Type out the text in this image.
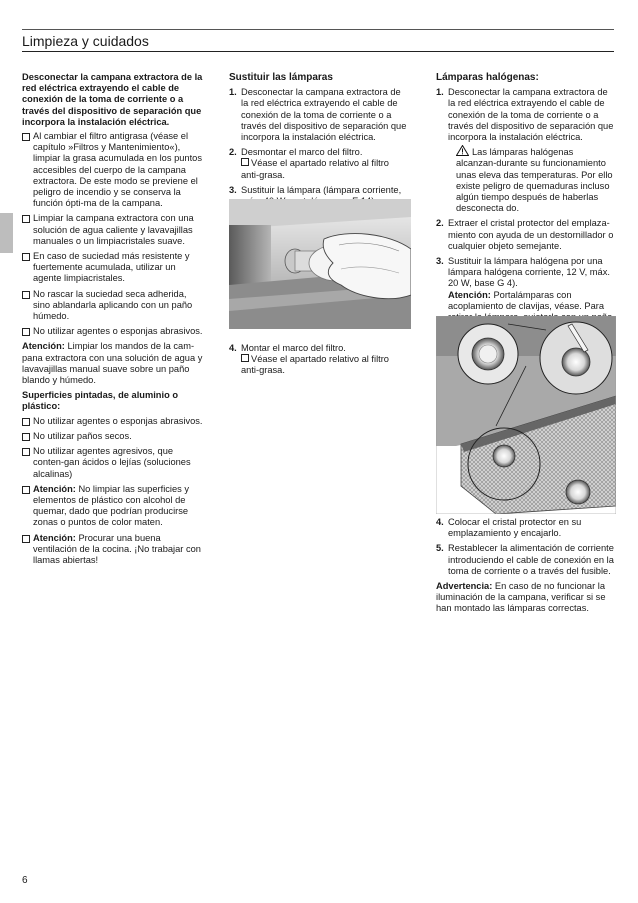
Limpieza y cuidados

Desconectar la campana extractora de la red eléctrica extrayendo el cable de conexión de la toma de corriente o a través del dispositivo de separación que incorpora la instalación eléctrica.

Al cambiar el filtro antigrasa (véase el capítulo »Filtros y Mantenimiento«), limpiar la grasa acumulada en los puntos accesibles del cuerpo de la campana extractora. De este modo se previene el peligro de incendio y se conserva la función ópti-ma de la campana.
Limpiar la campana extractora con una solución de agua caliente y lavavajillas manuales o un limpiacristales suave.
En caso de suciedad más resistente y fuertemente acumulada, utilizar un agente limpiacristales.
No rascar la suciedad seca adherida, sino ablandarla aplicando con un paño húmedo.
No utilizar agentes o esponjas abrasivos.

Atención: Limpiar los mandos de la cam-pana extractora con una solución de agua y lavavajillas manual suave sobre un paño blando y húmedo.

Superficies pintadas, de aluminio o plástico:

No utilizar agentes o esponjas abrasivos.
No utilizar paños secos.
No utilizar agentes agresivos, que conten-gan ácidos o lejías (soluciones alcalinas)
Atención: No limpiar las superficies y elementos de plástico con alcohol de quemar, dado que podrían producirse zonas o puntos de color maten.
Atención: Procurar una buena ventilación de la cocina. ¡No trabajar con llamas abiertas!

Sustituir las lámparas

1. Desconectar la campana extractora de la red eléctrica extrayendo el cable de conexión de la toma de corriente o a través del dispositivo de separación que incorpora la instalación eléctrica.
2. Desmontar el marco del filtro.
Véase el apartado relativo al filtro anti-grasa.
3. Sustituir la lámpara (lámpara corriente,
4. Montar el marco del filtro.
Véase el apartado relativo al filtro anti-grasa.

Lámparas halógenas:

1. Desconectar la campana extractora de la red eléctrica extrayendo el cable de conexión de la toma de corriente o a través del dispositivo de separación que incorpora la instalación eléctrica.
Las lámparas halógenas alcanzan-durante su funcionamiento unas eleva das temperaturas. Por ello existe peligro de quemaduras incluso algún tiempo después de haberlas desconecta do.
2. Extraer el cristal protector del emplaza-miento con ayuda de un destornillador o cualquier objeto semejante.
3. Sustituir la lámpara halógena por una lámpara halógena corriente, 12 V, máx. 20 W, base G 4).
Atención: Portalámparas con acoplamiento de clavijas, véase. Para
4. Colocar el cristal protector en su emplazamiento y encajarlo.
5. Restablecer la alimentación de corriente introduciendo el cable de conexión en la toma de corriente o a través del fusible.

Advertencia: En caso de no funcionar la iluminación de la campana, verificar si se han montado las lámparas correctas.

6
